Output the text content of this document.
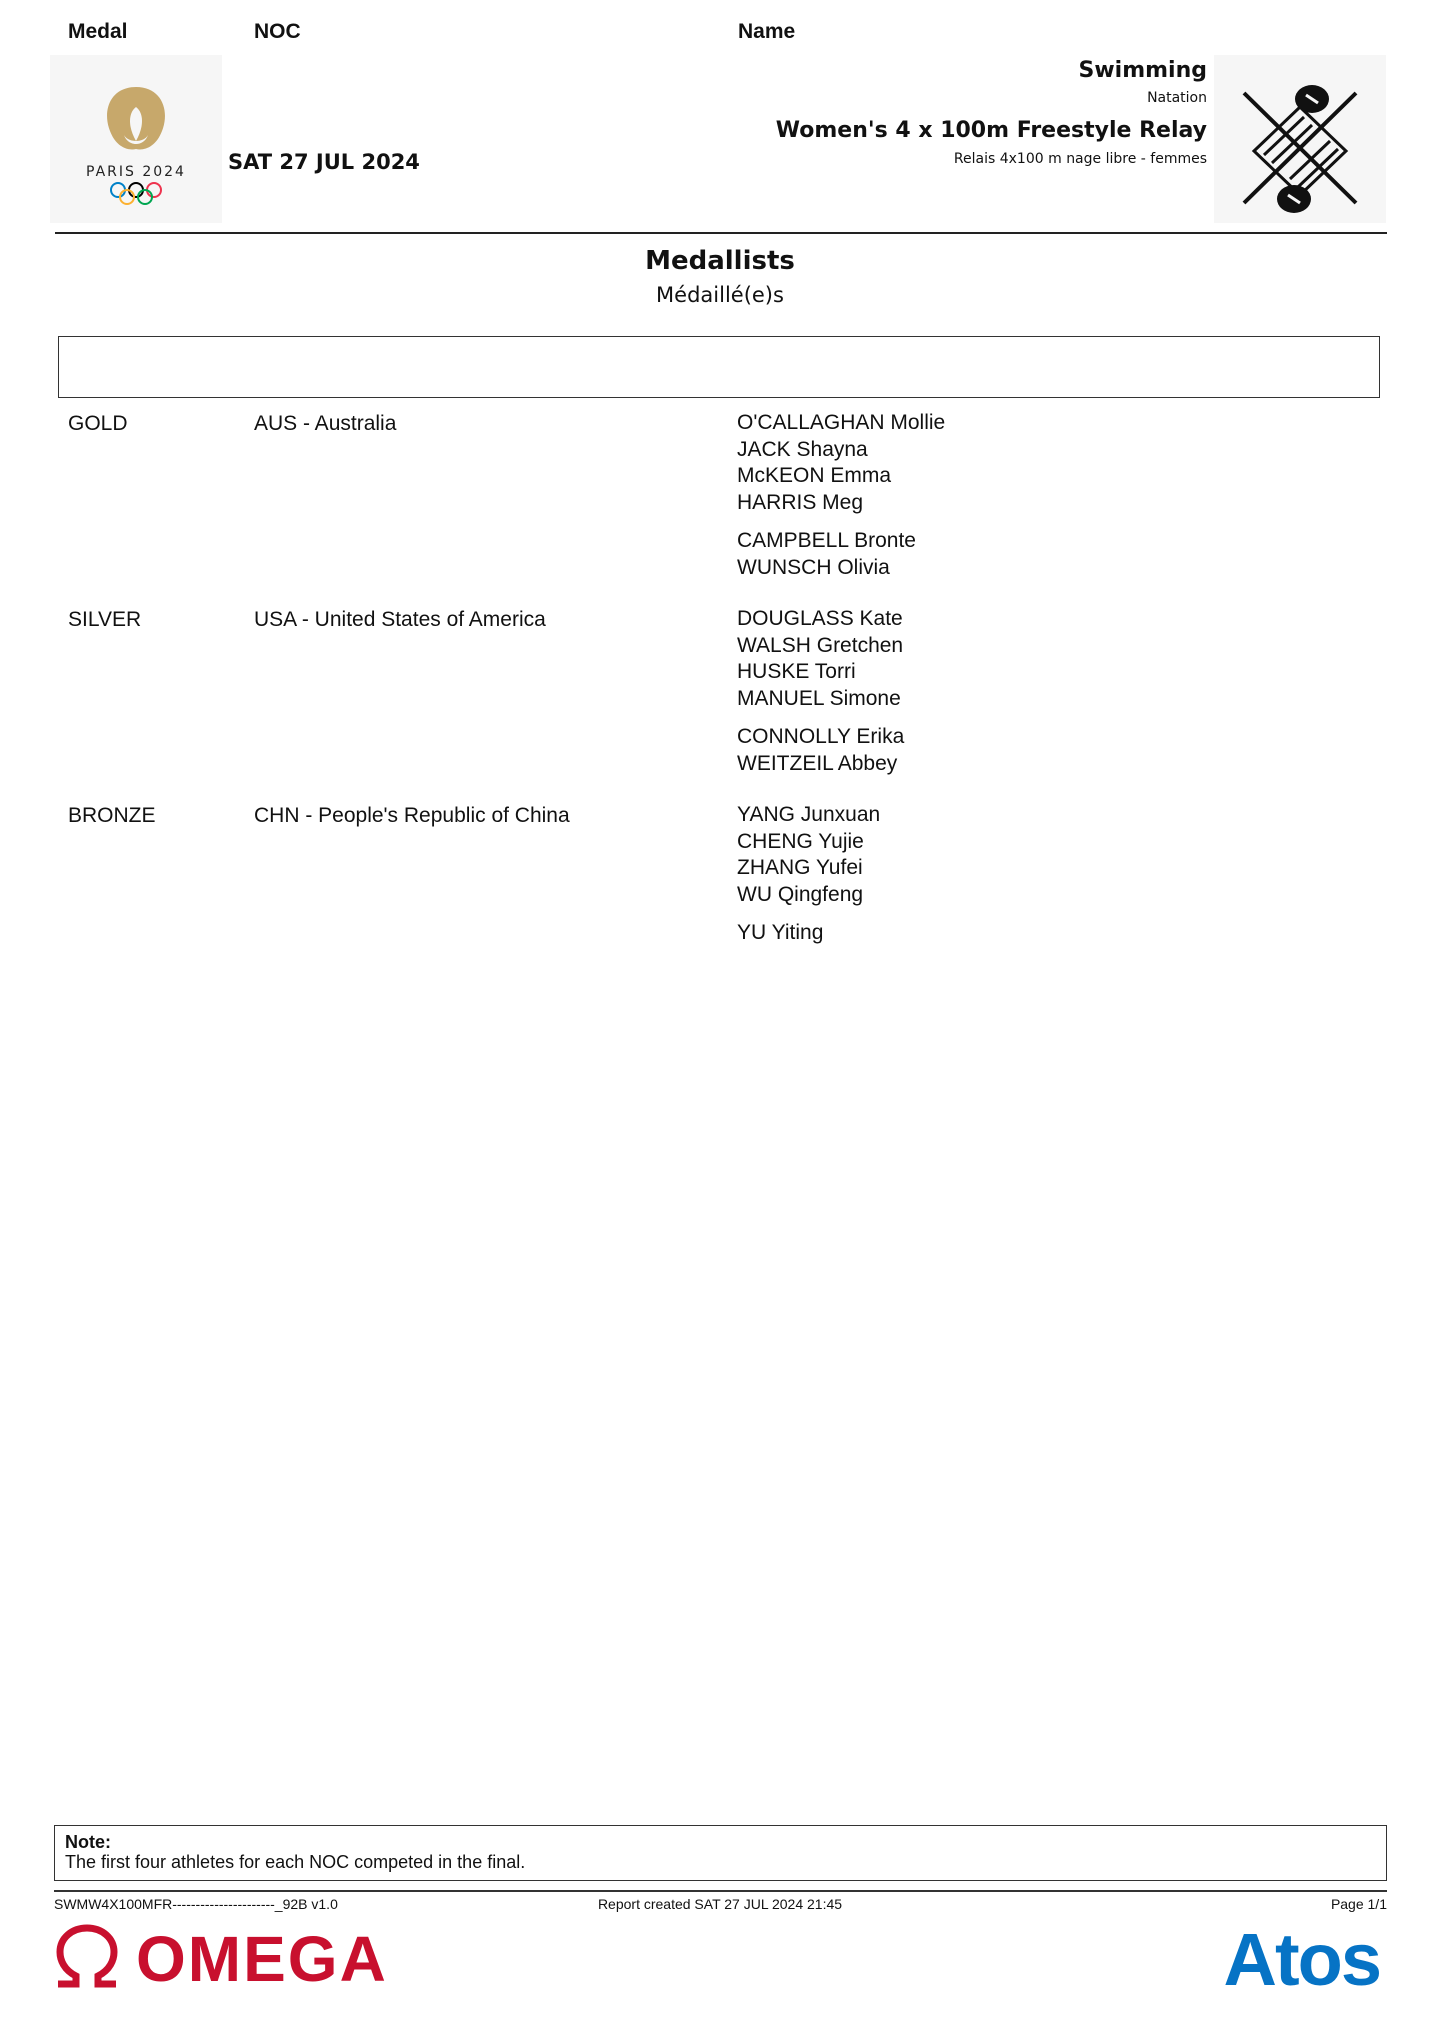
PARIS 2024 SAT 27 JUL 2024
Swimming
Natation
Women's 4 x 100m Freestyle Relay
Relais 4x100 m nage libre - femmes
Medallists
Médaillé(e)s
Medal	NOC	Name
GOLD	AUS - Australia	O'CALLAGHAN Mollie
JACK Shayna
McKEON Emma
HARRIS Meg
CAMPBELL Bronte
WUNSCH Olivia
SILVER	USA - United States of America	DOUGLASS Kate
WALSH Gretchen
HUSKE Torri
MANUEL Simone
CONNOLLY Erika
WEITZEIL Abbey
BRONZE	CHN - People's Republic of China	YANG Junxuan
CHENG Yujie
ZHANG Yufei
WU Qingfeng
YU Yiting
Note:
The first four athletes for each NOC competed in the final.
SWMW4X100MFR----------------------_92B v1.0	Report created SAT 27 JUL 2024 21:45	Page 1/1
OMEGA	Atos
